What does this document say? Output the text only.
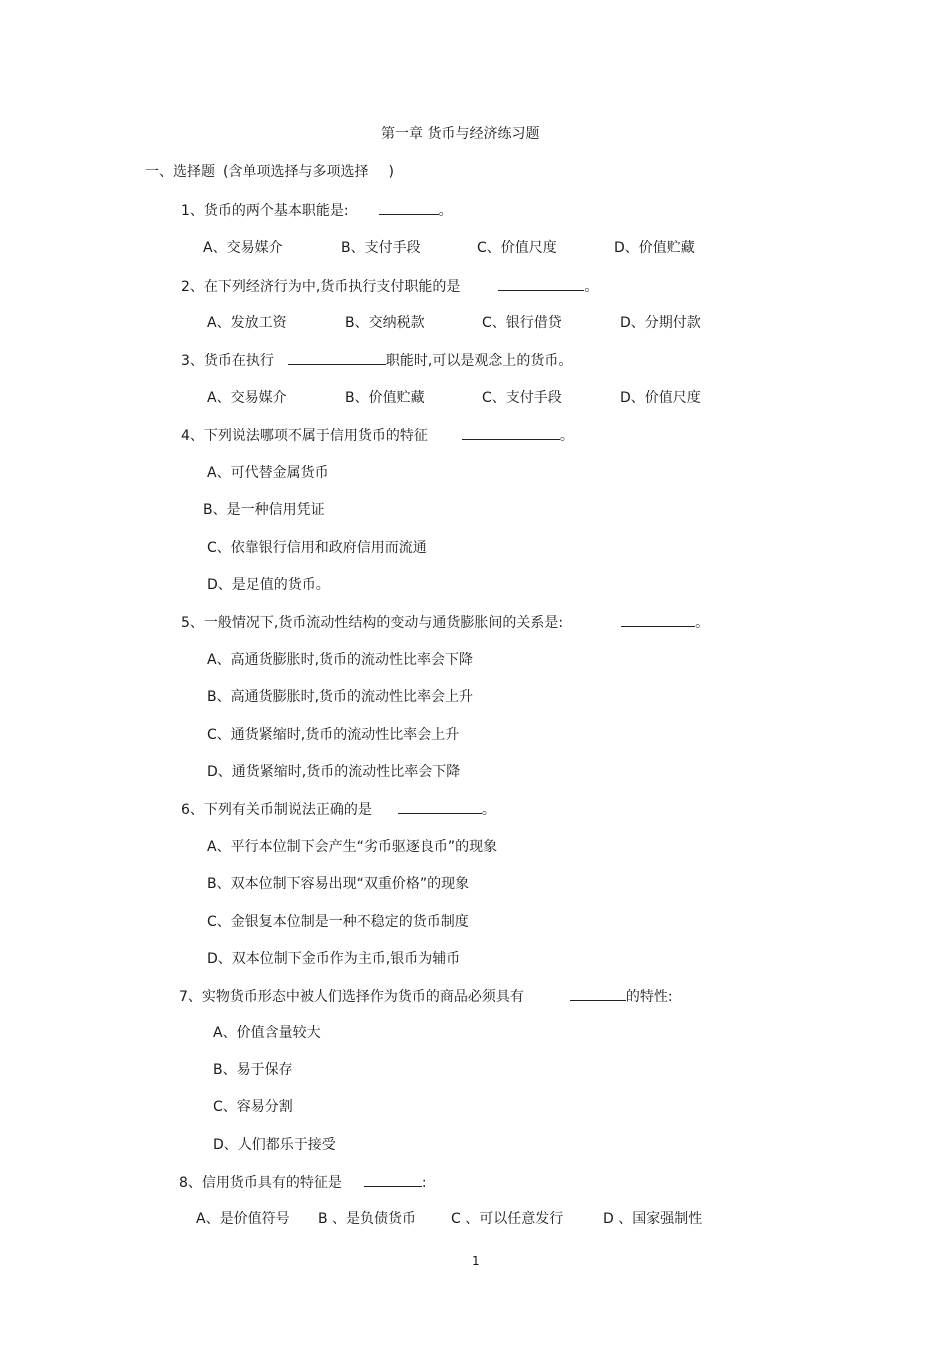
第一章 货币与经济练习题
一、选择题 (含单项选择与多项选择 )
1、货币的两个基本职能是:	。
A、交易媒介	B、支付手段	C、价值尺度	D、价值贮藏
2、在下列经济行为中,货币执行支付职能的是	。
A、发放工资	B、交纳税款	C、银行借贷	D、分期付款
3、货币在执行	职能时,可以是观念上的货币。
A、交易媒介	B、价值贮藏	C、支付手段	D、价值尺度
4、下列说法哪项不属于信用货币的特征	。
A、可代替金属货币
B、是一种信用凭证
C、依靠银行信用和政府信用而流通
D、是足值的货币。
5、一般情况下,货币流动性结构的变动与通货膨胀间的关系是:	。
A、高通货膨胀时,货币的流动性比率会下降
B、高通货膨胀时,货币的流动性比率会上升
C、通货紧缩时,货币的流动性比率会上升
D、通货紧缩时,货币的流动性比率会下降
6、下列有关币制说法正确的是	。
A、平行本位制下会产生“劣币驱逐良币”的现象
B、双本位制下容易出现“双重价格”的现象
C、金银复本位制是一种不稳定的货币制度
D、双本位制下金币作为主币,银币为辅币
7、实物货币形态中被人们选择作为货币的商品必须具有	的特性:
A、价值含量较大
B、易于保存
C、容易分割
D、人们都乐于接受
8、信用货币具有的特征是	:
A、是价值符号 B 、是负债货币 C 、可以任意发行	D 、国家强制性
1
